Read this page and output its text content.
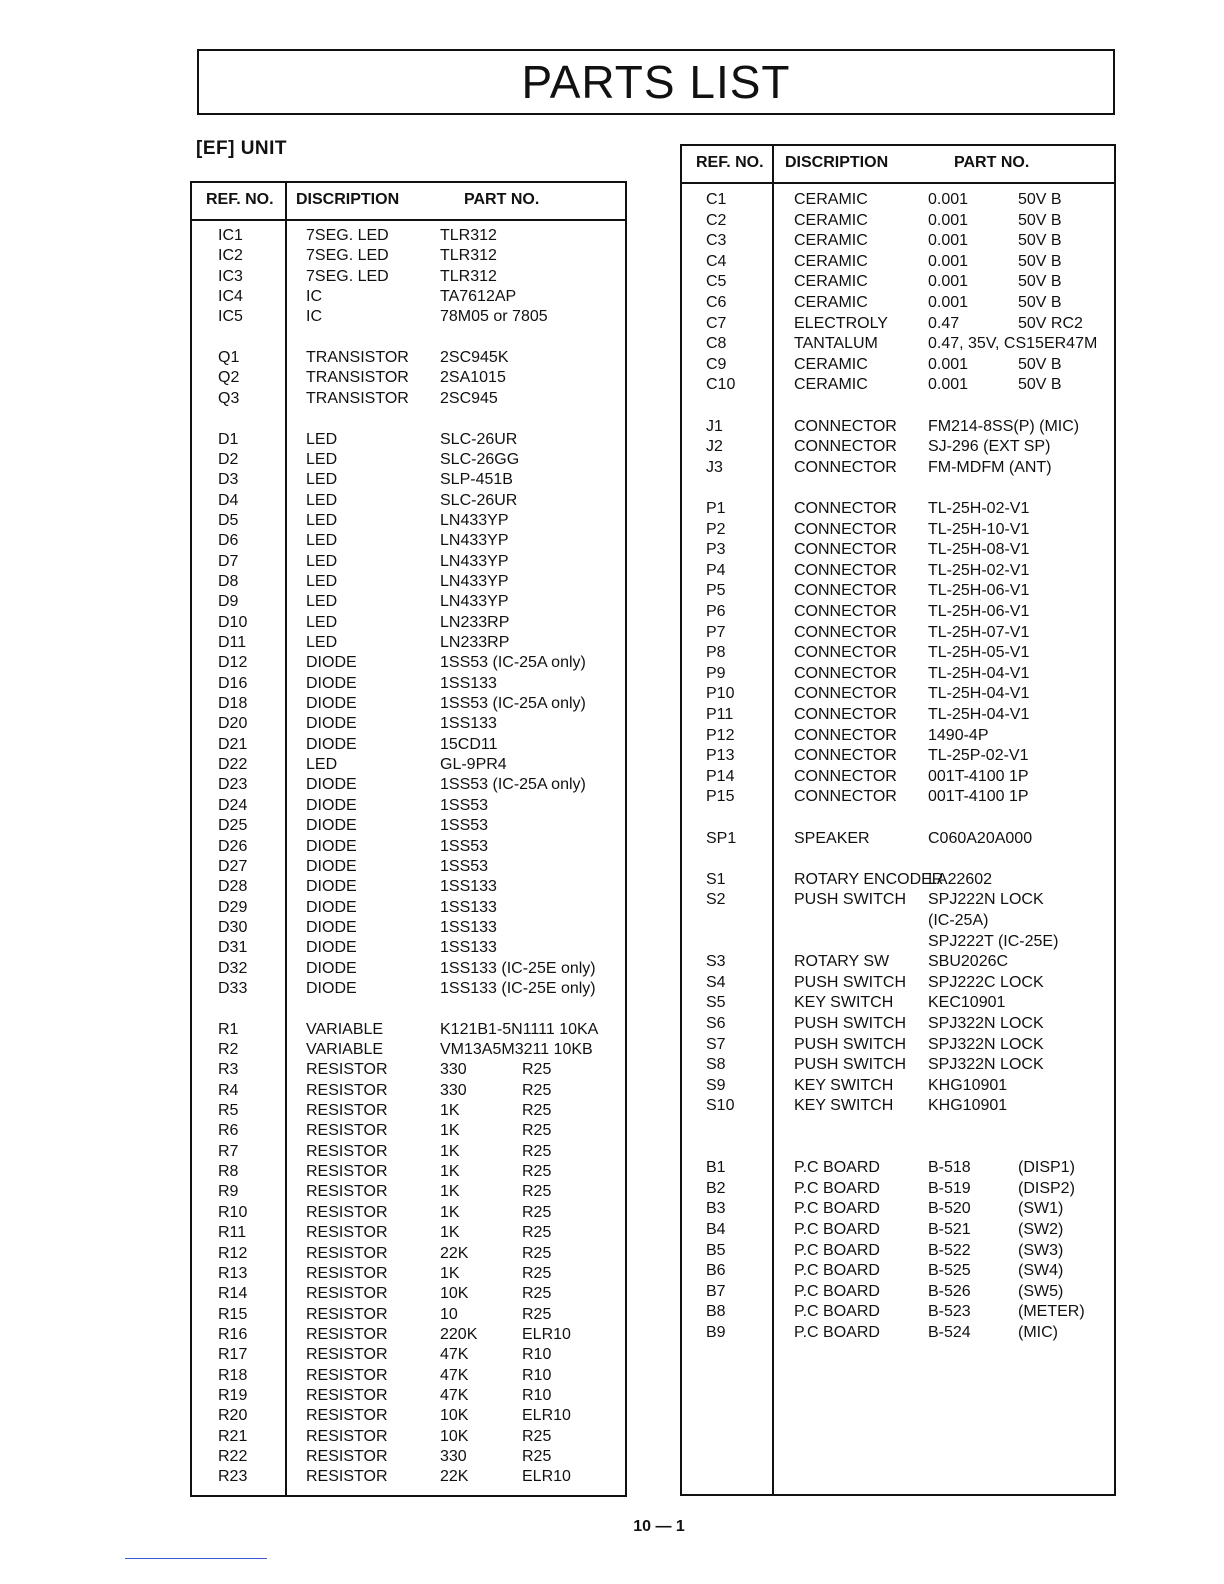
PARTS LIST
[EF] UNIT
REF. NO. DISCRIPTION	PART NO.
IC1	7SEG. LED	TLR312
IC2	7SEG. LED	TLR312
IC3	7SEG. LED	TLR312
IC4	IC	TA7612AP
IC5	IC	78M05 or 7805
Q1	TRANSISTOR 2SC945K
Q2	TRANSISTOR 2SA1015
Q3	TRANSISTOR 2SC945
D1	LED	SLC-26UR
D2	LED	SLC-26GG
D3	LED	SLP-451B
D4	LED	SLC-26UR
D5	LED	LN433YP
D6	LED	LN433YP
D7	LED	LN433YP
D8	LED	LN433YP
D9	LED	LN433YP
D10	LED	LN233RP
D11	LED	LN233RP
D12	DIODE	1SS53 (IC-25A only)
D16	DIODE	1SS133
D18	DIODE	1SS53 (IC-25A only)
D20	DIODE	1SS133
D21	DIODE	15CD11
D22	LED	GL-9PR4
D23	DIODE	1SS53 (IC-25A only)
D24	DIODE	1SS53
D25	DIODE	1SS53
D26	DIODE	1SS53
D27	DIODE	1SS53
D28	DIODE	1SS133
D29	DIODE	1SS133
D30	DIODE	1SS133
D31	DIODE	1SS133
D32	DIODE	1SS133 (IC-25E only)
D33	DIODE	1SS133 (IC-25E only)
R1	VARIABLE	K121B1-5N1111 10KA
R2	VARIABLE	VM13A5M3211 10KB
R3	RESISTOR	330	R25
R4	RESISTOR	330	R25
R5	RESISTOR	1K	R25
R6	RESISTOR	1K	R25
R7	RESISTOR	1K	R25
R8	RESISTOR	1K	R25
R9	RESISTOR	1K	R25
R10	RESISTOR	1K	R25
R11	RESISTOR	1K	R25
R12	RESISTOR	22K	R25
R13	RESISTOR	1K	R25
R14	RESISTOR	10K	R25
R15	RESISTOR	10	R25
R16	RESISTOR	220K	ELR10
R17	RESISTOR	47K	R10
R18	RESISTOR	47K	R10
R19	RESISTOR	47K	R10
R20	RESISTOR	10K	ELR10
R21	RESISTOR	10K	R25
R22	RESISTOR	330	R25
R23	RESISTOR	22K	ELR10
REF. NO. DISCRIPTION	PART NO.
C1	CERAMIC	0.001	50V B
C2	CERAMIC	0.001	50V B
C3	CERAMIC	0.001	50V B
C4	CERAMIC	0.001	50V B
C5	CERAMIC	0.001	50V B
C6	CERAMIC	0.001	50V B
C7	ELECTROLY	0.47	50V RC2
C8	TANTALUM	0.47, 35V, CS15ER47M
C9	CERAMIC	0.001	50V B
C10	CERAMIC	0.001	50V B
J1	CONNECTOR FM214-8SS(P) (MIC)
J2	CONNECTOR SJ-296 (EXT SP)
J3	CONNECTOR FM-MDFM (ANT)
P1	CONNECTOR TL-25H-02-V1
P2	CONNECTOR TL-25H-10-V1
P3	CONNECTOR TL-25H-08-V1
P4	CONNECTOR TL-25H-02-V1
P5	CONNECTOR TL-25H-06-V1
P6	CONNECTOR TL-25H-06-V1
P7	CONNECTOR TL-25H-07-V1
P8	CONNECTOR TL-25H-05-V1
P9	CONNECTOR TL-25H-04-V1
P10	CONNECTOR TL-25H-04-V1
P11	CONNECTOR TL-25H-04-V1
P12	CONNECTOR 1490-4P
P13	CONNECTOR TL-25P-02-V1
P14	CONNECTOR 001T-4100 1P
P15	CONNECTOR 001T-4100 1P
SP1	SPEAKER	C060A20A000
S1	ROTARY ENCODER
LA22602
S2	PUSH SWITCH SPJ222N LOCK
(IC-25A)
SPJ222T (IC-25E)
S3	ROTARY SW SBU2026C
S4	PUSH SWITCH SPJ222C LOCK
S5	KEY SWITCH KEC10901
S6	PUSH SWITCH SPJ322N LOCK
S7	PUSH SWITCH SPJ322N LOCK
S8	PUSH SWITCH SPJ322N LOCK
S9	KEY SWITCH KHG10901
S10	KEY SWITCH KHG10901
B1	P.C BOARD	B-518	(DISP1)
B2	P.C BOARD	B-519	(DISP2)
B3	P.C BOARD	B-520	(SW1)
B4	P.C BOARD	B-521	(SW2)
B5	P.C BOARD	B-522	(SW3)
B6	P.C BOARD	B-525	(SW4)
B7	P.C BOARD	B-526	(SW5)
B8	P.C BOARD	B-523	(METER)
B9	P.C BOARD	B-524	(MIC)
10 — 1
